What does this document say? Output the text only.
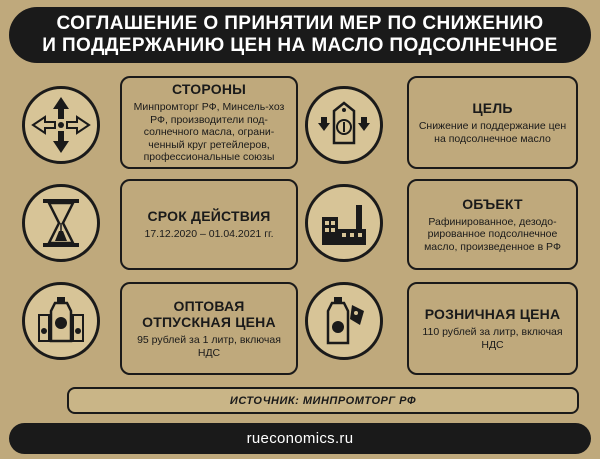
СОГЛАШЕНИЕ О ПРИНЯТИИ МЕР ПО СНИЖЕНИЮ
И ПОДДЕРЖАНИЮ ЦЕН НА МАСЛО ПОДСОЛНЕЧНОЕ
СТОРОНЫ
Минпромторг РФ, Минсель-хоз РФ, производители под-солнечного масла, ограни-ченный круг ретейлеров, профессиональные союзы
ЦЕЛЬ
Снижение и поддержание цен на подсолнечное масло
СРОК ДЕЙСТВИЯ
17.12.2020 – 01.04.2021 гг.
ОБЪЕКТ
Рафинированное, дезодо-рированное подсолнечное масло, произведенное в РФ
ОПТОВАЯ ОТПУСКНАЯ ЦЕНА
95 рублей за 1 литр, включая НДС
РОЗНИЧНАЯ ЦЕНА
110 рублей за литр, включая НДС
ИСТОЧНИК: МИНПРОМТОРГ РФ
rueconomics.ru
